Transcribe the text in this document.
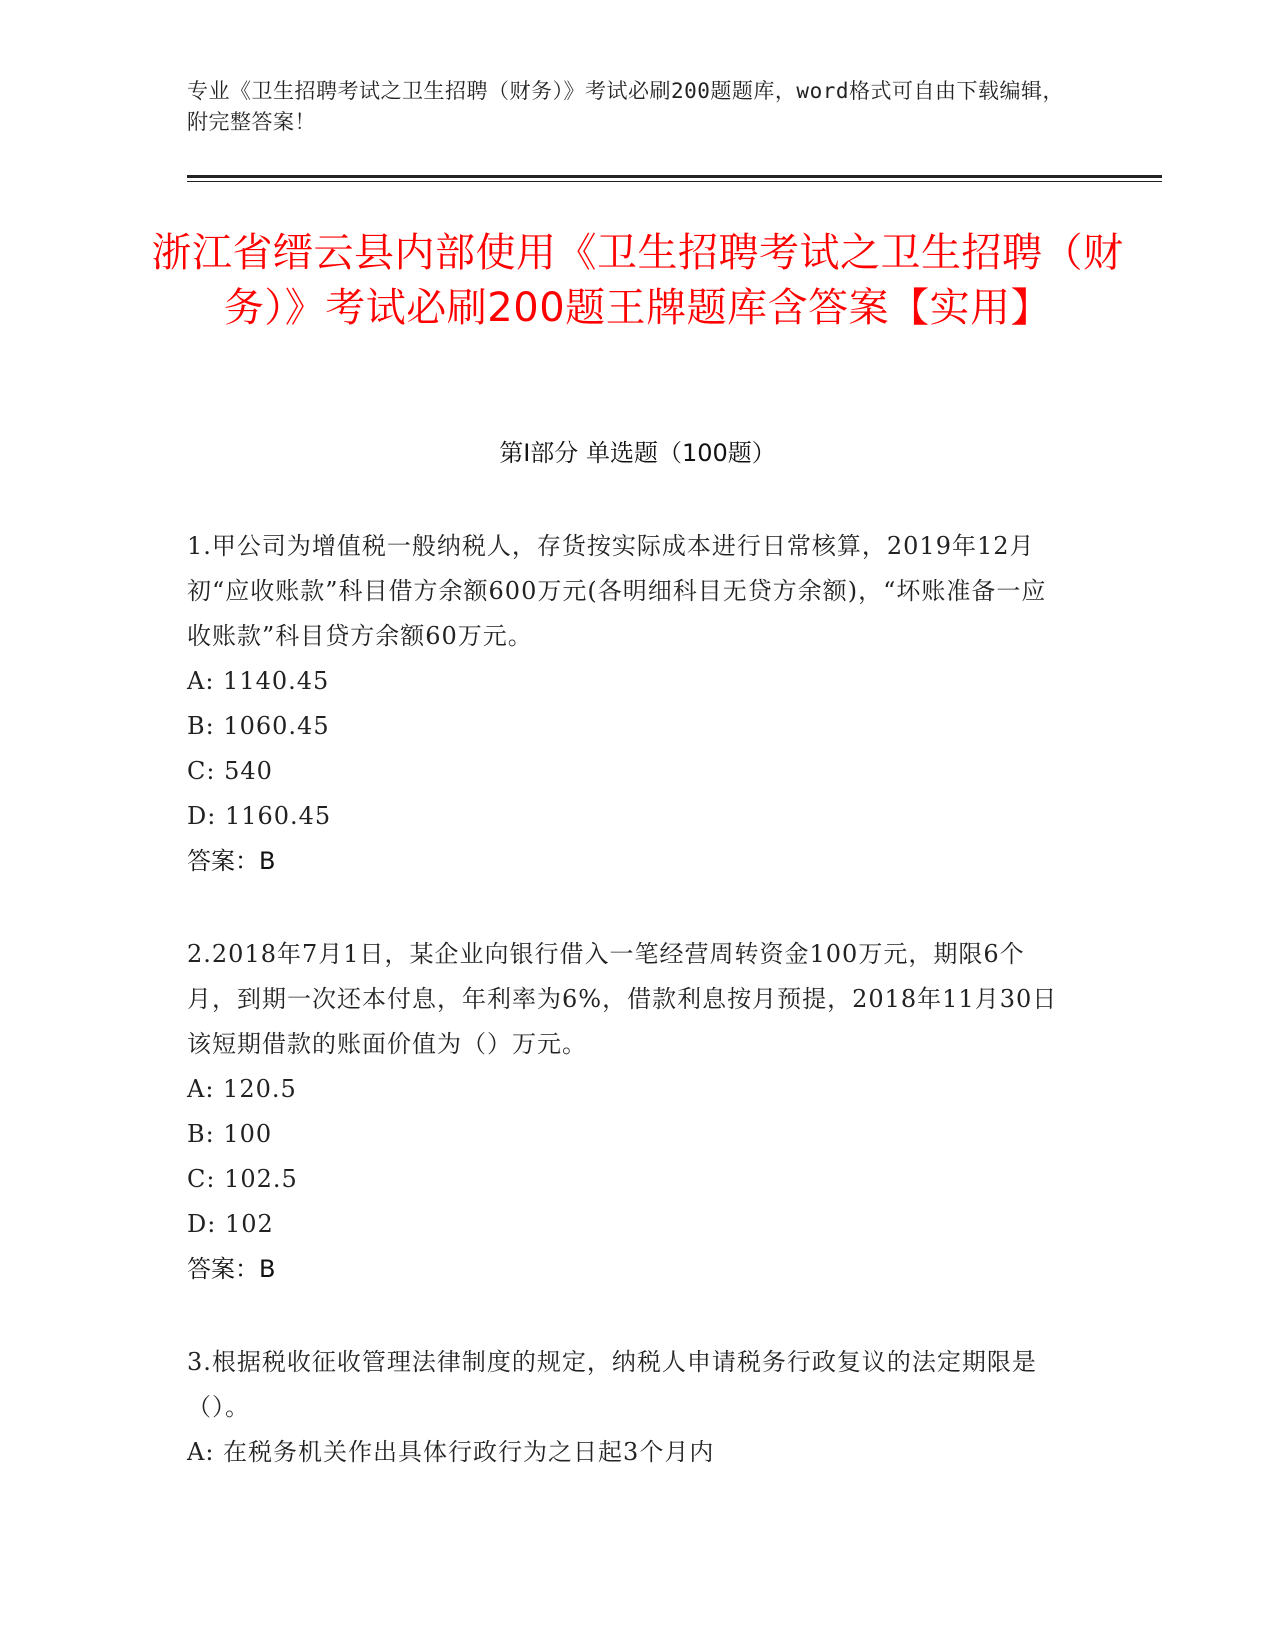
专业《卫生招聘考试之卫生招聘（财务）》考试必刷200题题库，word格式可自由下载编辑，附完整答案！
浙江省缙云县内部使用《卫生招聘考试之卫生招聘（财务）》考试必刷200题王牌题库含答案【实用】
第Ⅰ部分 单选题（100题）
1.甲公司为增值税一般纳税人，存货按实际成本进行日常核算，2019年12月初“应收账款”科目借方余额600万元(各明细科目无贷方余额)，“坏账准备一应收账款”科目贷方余额60万元。
A: 1140.45
B: 1060.45
C: 540
D: 1160.45
答案：B
2.2018年7月1日，某企业向银行借入一笔经营周转资金100万元，期限6个月，到期一次还本付息，年利率为6%，借款利息按月预提，2018年11月30日该短期借款的账面价值为（）万元。
A: 120.5
B: 100
C: 102.5
D: 102
答案：B
3.根据税收征收管理法律制度的规定，纳税人申请税务行政复议的法定期限是（）。
A: 在税务机关作出具体行政行为之日起3个月内
